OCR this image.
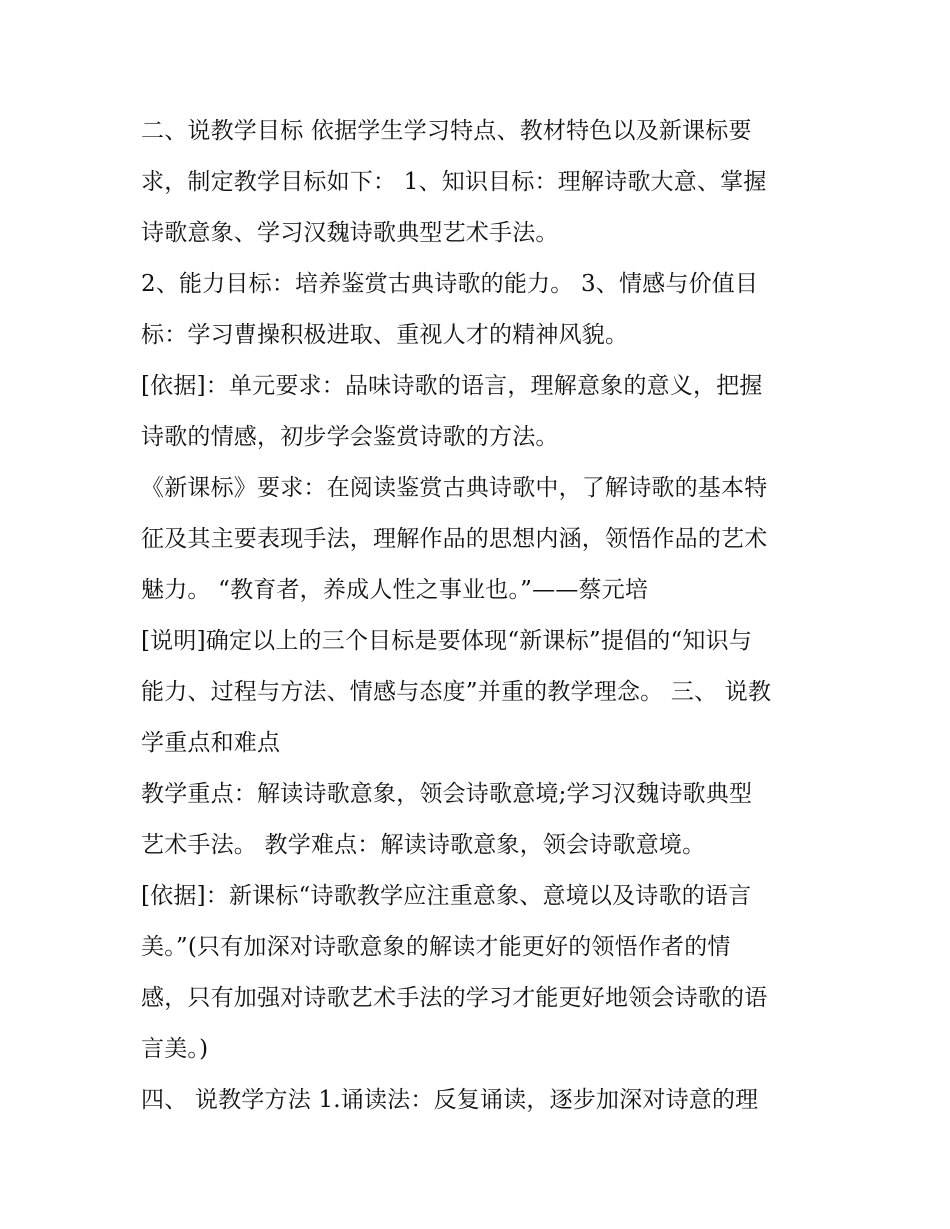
二、说教学目标 依据学生学习特点、教材特色以及新课标要
求，制定教学目标如下： 1、知识目标：理解诗歌大意、掌握
诗歌意象、学习汉魏诗歌典型艺术手法。

2、能力目标：培养鉴赏古典诗歌的能力。 3、情感与价值目
标：学习曹操积极进取、重视人才的精神风貌。

[依据]：单元要求：品味诗歌的语言，理解意象的意义，把握
诗歌的情感，初步学会鉴赏诗歌的方法。

《新课标》要求：在阅读鉴赏古典诗歌中，了解诗歌的基本特
征及其主要表现手法，理解作品的思想内涵，领悟作品的艺术
魅力。 “教育者，养成人性之事业也。”——蔡元培

[说明]确定以上的三个目标是要体现“新课标”提倡的“知识与
能力、过程与方法、情感与态度”并重的教学理念。 三、 说教
学重点和难点

教学重点：解读诗歌意象，领会诗歌意境;学习汉魏诗歌典型
艺术手法。 教学难点：解读诗歌意象，领会诗歌意境。

[依据]：新课标“诗歌教学应注重意象、意境以及诗歌的语言
美。”(只有加深对诗歌意象的解读才能更好的领悟作者的情
感，只有加强对诗歌艺术手法的学习才能更好地领会诗歌的语
言美。)

四、 说教学方法 1.诵读法：反复诵读，逐步加深对诗意的理
